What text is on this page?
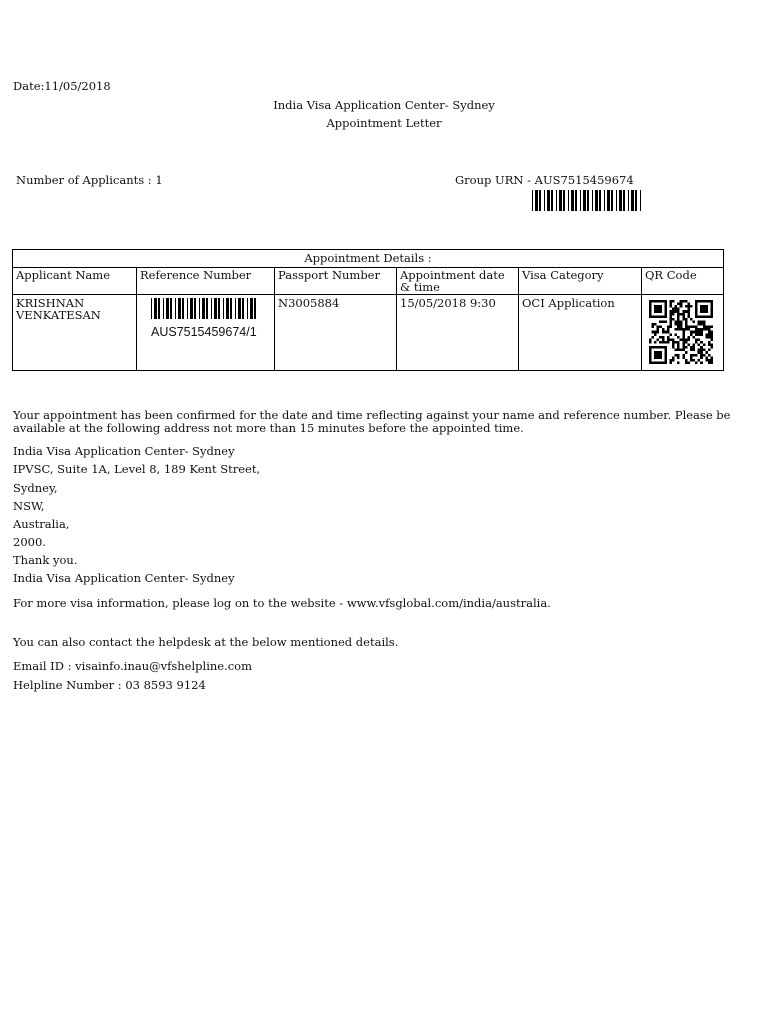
Date:11/05/2018
India Visa Application Center- Sydney
Appointment Letter
Number of Applicants : 1	Group URN - AUS7515459674
Appointment Details :					
Applicant Name	Reference Number	Passport Number	Appointment date & time	Visa Category	QR Code
KRISHNAN VENKATESAN	AUS7515459674/1	N3005884	15/05/2018 9:30	OCI Application	
Your appointment has been confirmed for the date and time reflecting against your name and reference number. Please be available at the following address not more than 15 minutes before the appointed time.
India Visa Application Center- Sydney
IPVSC, Suite 1A, Level 8, 189 Kent Street,
Sydney,
NSW,
Australia,
2000.
Thank you.
India Visa Application Center- Sydney
For more visa information, please log on to the website - www.vfsglobal.com/india/australia.
You can also contact the helpdesk at the below mentioned details.
Email ID : visainfo.inau@vfshelpline.com
Helpline Number : 03 8593 9124
